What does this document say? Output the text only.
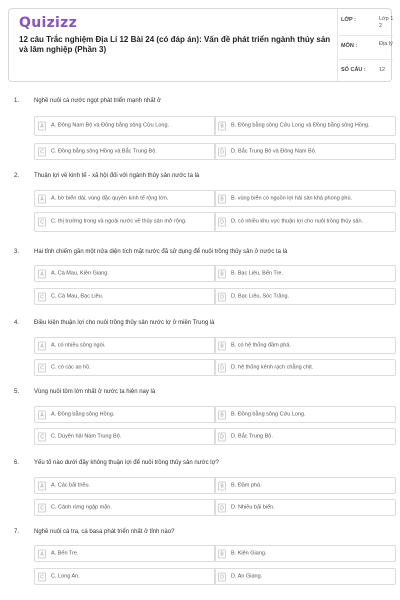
Quizizz
12 câu Trắc nghiệm Địa Lí 12 Bài 24 (có đáp án): Vấn đề phát triển ngành thủy sản và lâm nghiệp (Phần 3)
LỚP :	Lớp 12
MÔN :	Địa lý
SỐ CÂU : 12
1. Nghề nuôi cá nước ngọt phát triển mạnh nhất ở
A	A. Đông Nam Bộ và Đồng bằng sông Cửu Long.	B	B. Đồng bằng sông Cửu Long và Đồng bằng sông Hồng.
C	C. Đồng bằng sông Hồng và Bắc Trung Bộ.	D	D. Bắc Trung Bộ và Đông Nam Bộ.
2. Thuận lợi về kinh tế - xã hội đối với ngành thủy sản nước ta là
A	A. bờ biển dài, vùng đặc quyền kinh tế rộng lớn.	B	B. vùng biển có nguồn lợi hải sản khá phong phú.
C	C. thị trường trong và ngoài nước về thủy sản mở rộng.	D	D. có nhiều khu vực thuận lợi cho nuôi trồng thủy sản.
3. Hai tỉnh chiếm gần một nửa diện tích mặt nước đã sử dụng để nuôi trồng thủy sản ở nước ta là
A	A. Cà Mau, Kiên Giang.	B	B. Bạc Liêu, Bến Tre.
C	C. Cà Mau, Bạc Liêu.	D	D. Bạc Liêu, Sóc Trăng.
4. Điều kiện thuận lợi cho nuôi trồng thủy sản nước lợ ở miền Trung là
A	A. có nhiều sông ngòi.	B	B. có hệ thống đầm phá.
C	C. có các ao hồ.	D	D. hệ thống kênh rạch chằng chịt.
5. Vùng nuôi tôm lớn nhất ở nước ta hiện nay là
A	A. Đồng bằng sông Hồng.	B	B. Đồng bằng sông Cửu Long.
C	C. Duyên hải Nam Trung Bộ.	D	D. Bắc Trung Bộ.
6. Yếu tố nào dưới đây không thuận lợi để nuôi trồng thủy sản nước lợ?
A	A. Các bãi triều.	B	B. Đầm phá.
C	C. Cánh rừng ngập mặn.	D	D. Nhiều bãi biển.
7. Nghề nuôi cá tra, cá basa phát triển nhất ở tỉnh nào?
A	A. Bến Tre.	B	B. Kiên Giang.
C	C. Long An.	D	D. An Giang.
